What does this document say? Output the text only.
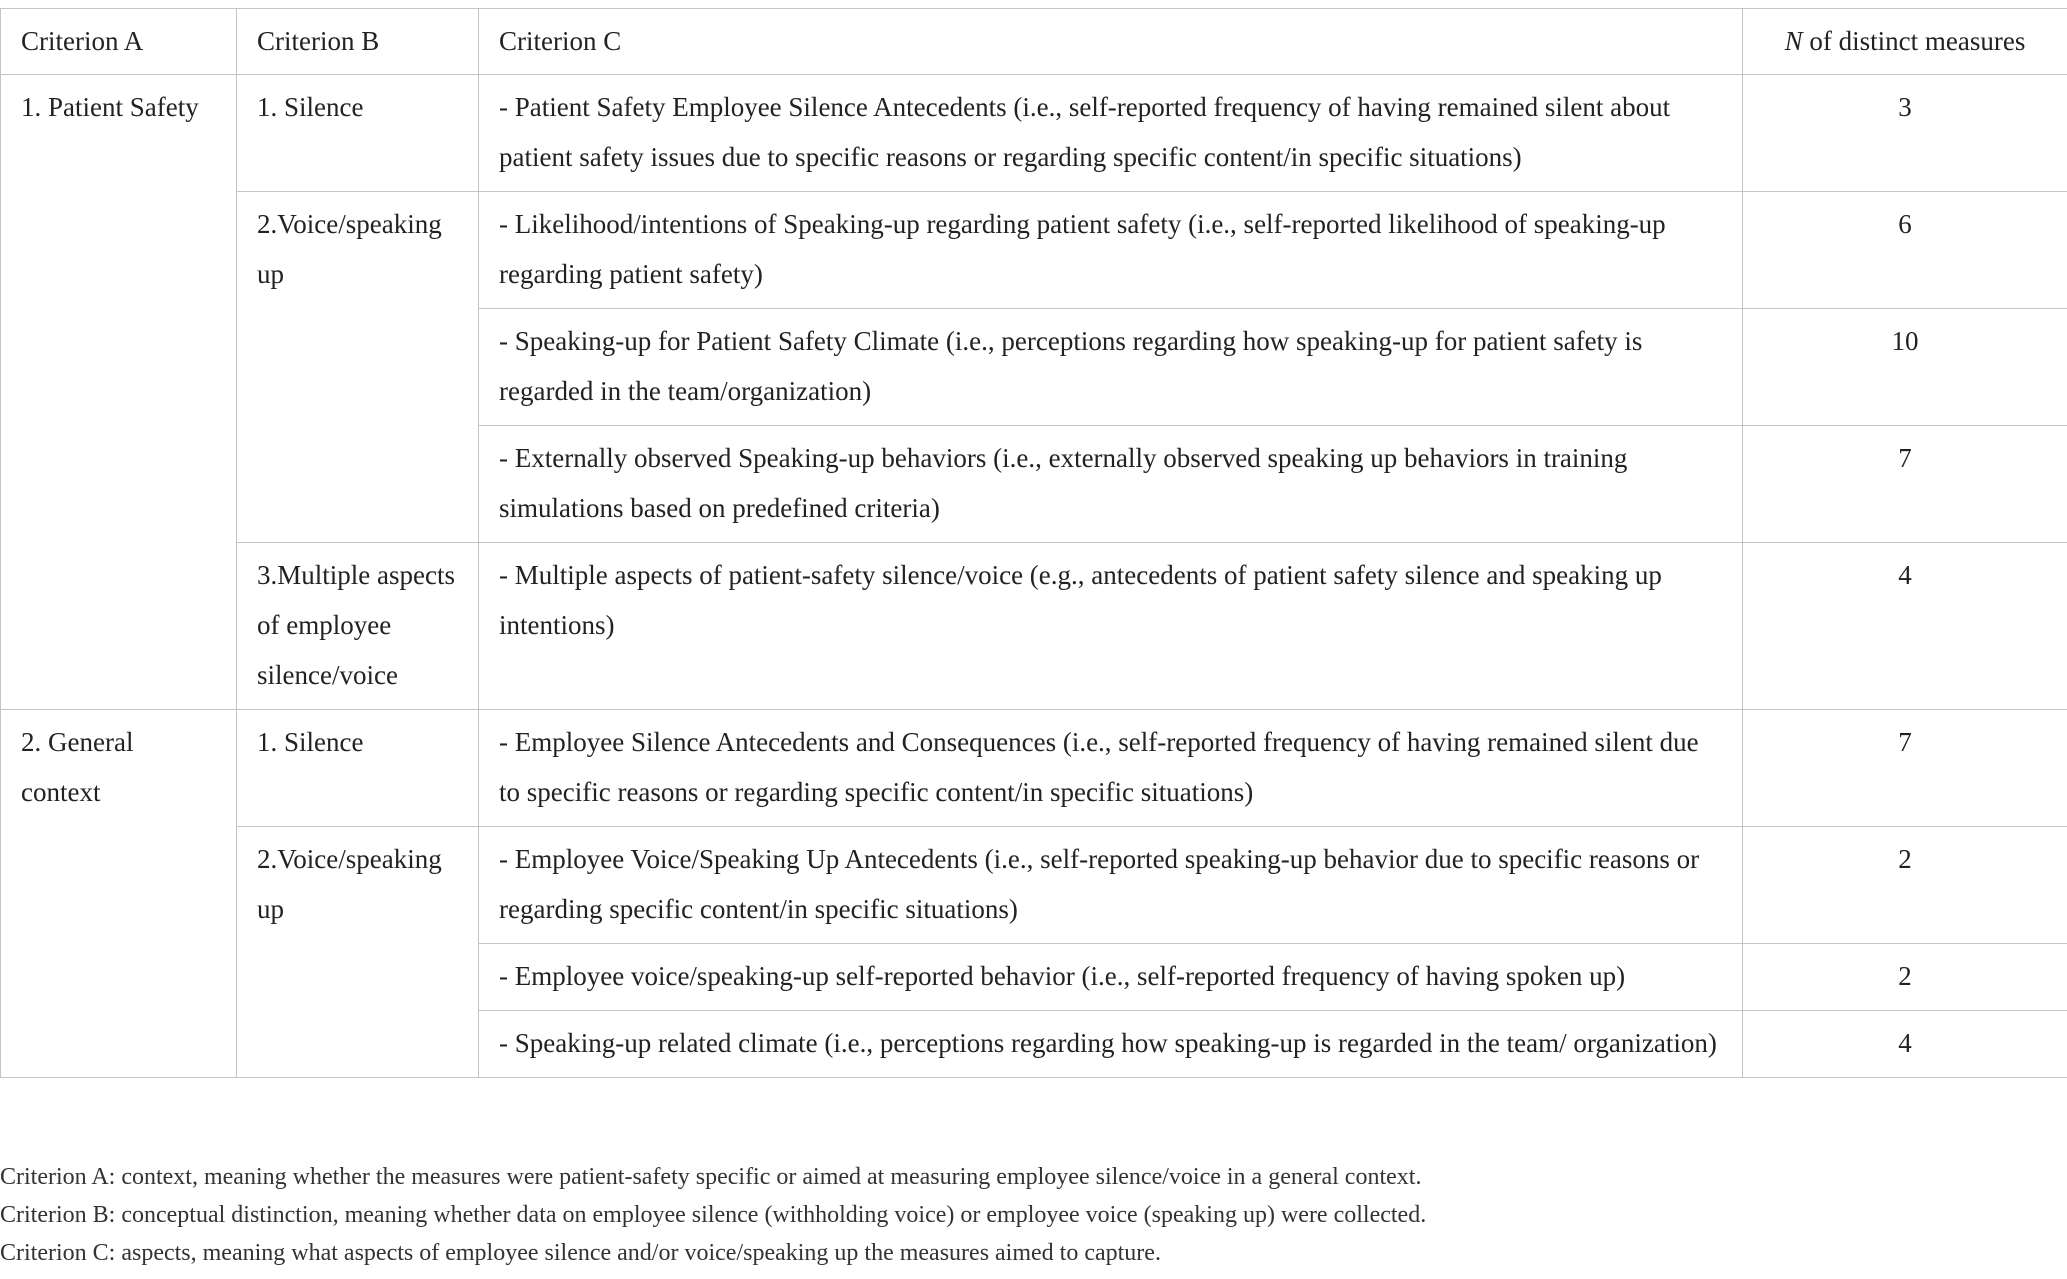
Criterion A	Criterion B	Criterion C	N of distinct measures
1. Patient Safety	1. Silence	- Patient Safety Employee Silence Antecedents (i.e., self-reported frequency of having remained silent about patient safety issues due to specific reasons or regarding specific content/in specific situations)	3
	2.Voice/speaking up	- Likelihood/intentions of Speaking-up regarding patient safety (i.e., self-reported likelihood of speaking-up regarding patient safety)	6
		- Speaking-up for Patient Safety Climate (i.e., perceptions regarding how speaking-up for patient safety is regarded in the team/organization)	10
		- Externally observed Speaking-up behaviors (i.e., externally observed speaking up behaviors in training simulations based on predefined criteria)	7
	3.Multiple aspects of employee silence/voice	- Multiple aspects of patient-safety silence/voice (e.g., antecedents of patient safety silence and speaking up intentions)	4
2. General context	1. Silence	- Employee Silence Antecedents and Consequences (i.e., self-reported frequency of having remained silent due to specific reasons or regarding specific content/in specific situations)	7
	2.Voice/speaking up	- Employee Voice/Speaking Up Antecedents (i.e., self-reported speaking-up behavior due to specific reasons or regarding specific content/in specific situations)	2
		- Employee voice/speaking-up self-reported behavior (i.e., self-reported frequency of having spoken up)	2
		- Speaking-up related climate (i.e., perceptions regarding how speaking-up is regarded in the team/ organization)	4

Criterion A: context, meaning whether the measures were patient-safety specific or aimed at measuring employee silence/voice in a general context.

Criterion B: conceptual distinction, meaning whether data on employee silence (withholding voice) or employee voice (speaking up) were collected.

Criterion C: aspects, meaning what aspects of employee silence and/or voice/speaking up the measures aimed to capture.
